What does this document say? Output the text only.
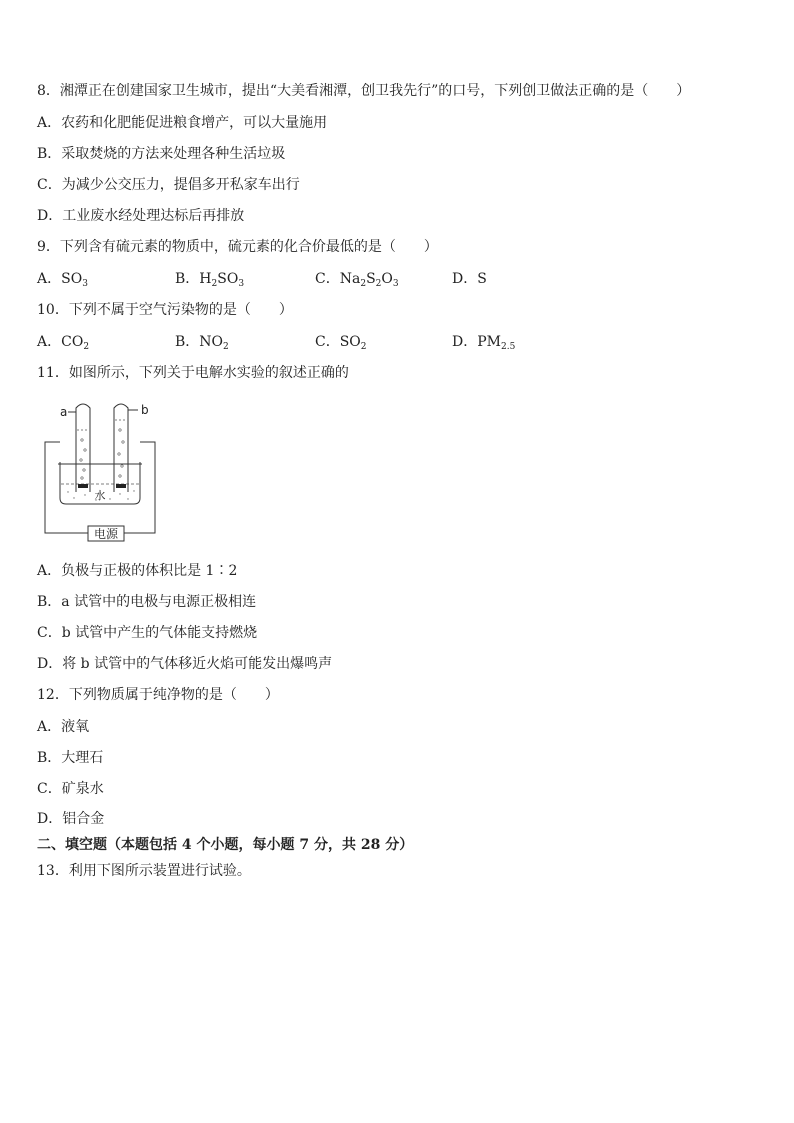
8．湘潭正在创建国家卫生城市，提出“大美看湘潭，创卫我先行”的口号，下列创卫做法正确的是（　　）
A．农药和化肥能促进粮食增产，可以大量施用
B．采取焚烧的方法来处理各种生活垃圾
C．为减少公交压力，提倡多开私家车出行
D．工业废水经处理达标后再排放
9．下列含有硫元素的物质中，硫元素的化合价最低的是（　　）
A．$SO_3$	B．$H_2SO_3$	C．$Na_2S_2O_3$	D．S
10．下列不属于空气污染物的是（　　）
A．$CO_2$	B．$NO_2$	C．$SO_2$	D．$PM_{2.5}$
11．如图所示，下列关于电解水实验的叙述正确的
电源
水
a	b
A．负极与正极的体积比是 1∶2
B．a 试管中的电极与电源正极相连
C．b 试管中产生的气体能支持燃烧
D．将 b 试管中的气体移近火焰可能发出爆鸣声
12．下列物质属于纯净物的是（　　）
A．液氧
B．大理石
C．矿泉水
D．铝合金
二、填空题（本题包括 4 个小题，每小题 7 分，共 28 分）
13．利用下图所示装置进行试验。
